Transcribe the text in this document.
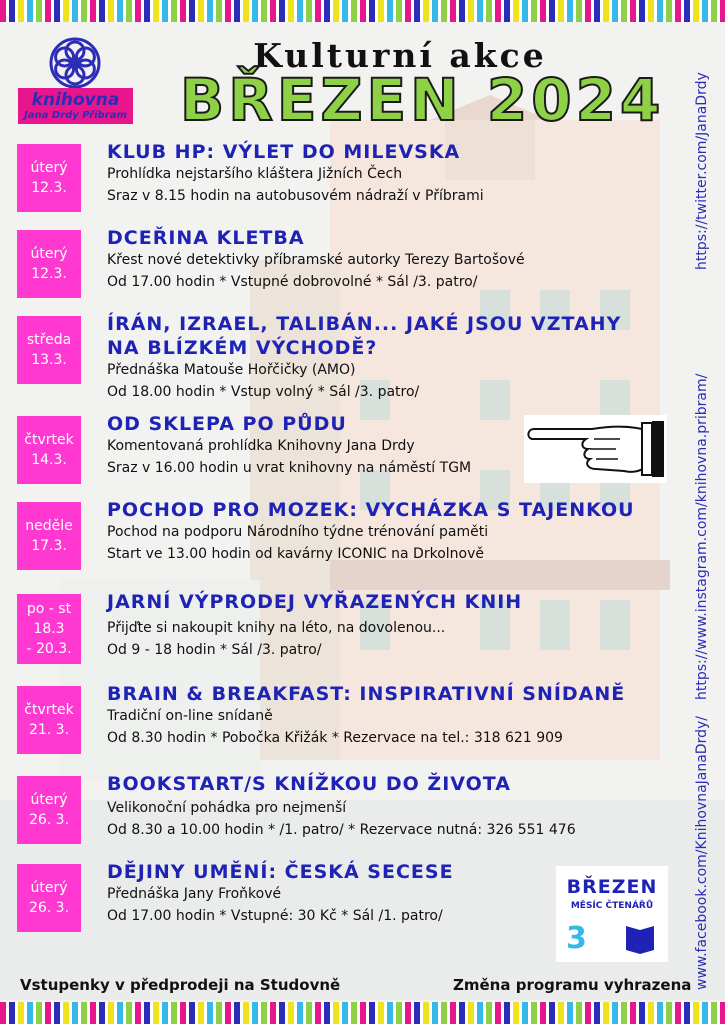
knihovna
Jana Drdy Příbram
Kulturní akce
BŘEZEN 2024	https://twitter.com/JanaDrdy
https://www.instagram.com/knihovna.pribram/
www.facebook.com/KnihovnaJanaDrdy/
úterý
12.3.
KLUB HP: VÝLET DO MILEVSKA
Prohlídka nejstaršího kláštera Jižních Čech
Sraz v 8.15 hodin na autobusovém nádraží v Příbrami
úterý
12.3.
DCEŘINA KLETBA
Křest nové detektivky příbramské autorky Terezy Bartošové
Od 17.00 hodin * Vstupné dobrovolné * Sál /3. patro/
středa
13.3.
ÍRÁN, IZRAEL, TALIBÁN... JAKÉ JSOU VZTAHY
NA BLÍZKÉM VÝCHODĚ?
Přednáška Matouše Hořčičky (AMO)
Od 18.00 hodin * Vstup volný * Sál /3. patro/
čtvrtek
14.3.
OD SKLEPA PO PŮDU
Komentovaná prohlídka Knihovny Jana Drdy
Sraz v 16.00 hodin u vrat knihovny na náměstí TGM
neděle
17.3.
POCHOD PRO MOZEK: VYCHÁZKA S TAJENKOU
Pochod na podporu Národního týdne trénování paměti
Start ve 13.00 hodin od kavárny ICONIC na Drkolnově
po - st
18.3
- 20.3.
JARNÍ VÝPRODEJ VYŘAZENÝCH KNIH
Přijďte si nakoupit knihy na léto, na dovolenou...
Od 9 - 18 hodin * Sál /3. patro/
čtvrtek
21. 3.
BRAIN & BREAKFAST: INSPIRATIVNÍ SNÍDANĚ
Tradiční on-line snídaně
Od 8.30 hodin * Pobočka Křižák * Rezervace na tel.: 318 621 909
úterý
26. 3.
BOOKSTART/S KNÍŽKOU DO ŽIVOTA
Velikonoční pohádka pro nejmenší
Od 8.30 a 10.00 hodin * /1. patro/ * Rezervace nutná: 326 551 476
úterý
26. 3.
DĚJINY UMĚNÍ: ČESKÁ SECESE
Přednáška Jany Froňkové
Od 17.00 hodin * Vstupné: 30 Kč * Sál /1. patro/
BŘEZEN
MĚSÍC ČTENÁŘŮ
3
Vstupenky v předprodeji na Studovně	Změna programu vyhrazena
